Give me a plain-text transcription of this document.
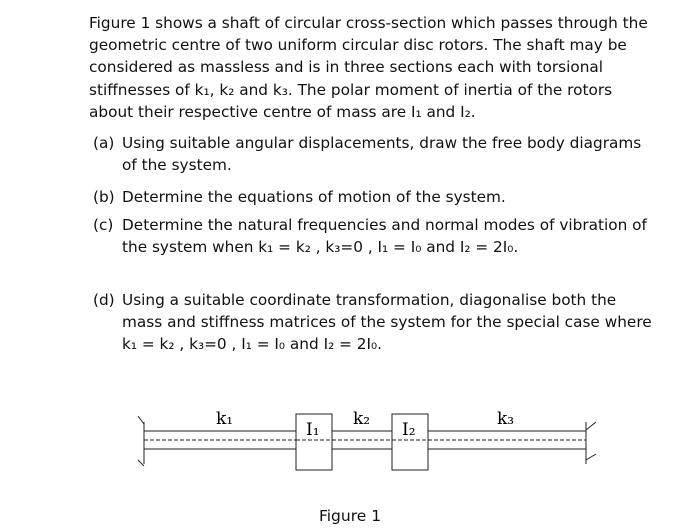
Figure 1 shows a shaft of circular cross-section which passes through the geometric centre of two uniform circular disc rotors. The shaft may be considered as massless and is in three sections each with torsional stiffnesses of k₁, k₂ and k₃. The polar moment of inertia of the rotors about their respective centre of mass are I₁ and I₂.

(a) Using suitable angular displacements, draw the free body diagrams of the system.
(b) Determine the equations of motion of the system.
(c) Determine the natural frequencies and normal modes of vibration of the system when k₁ = k₂ , k₃=0 , I₁ = I₀ and I₂ = 2I₀.
(d) Using a suitable coordinate transformation, diagonalise both the mass and stiffness matrices of the system for the special case where k₁ = k₂ , k₃=0 , I₁ = I₀ and I₂ = 2I₀.
k₁	k₂	k₃
I₁	I₂
Figure 1
